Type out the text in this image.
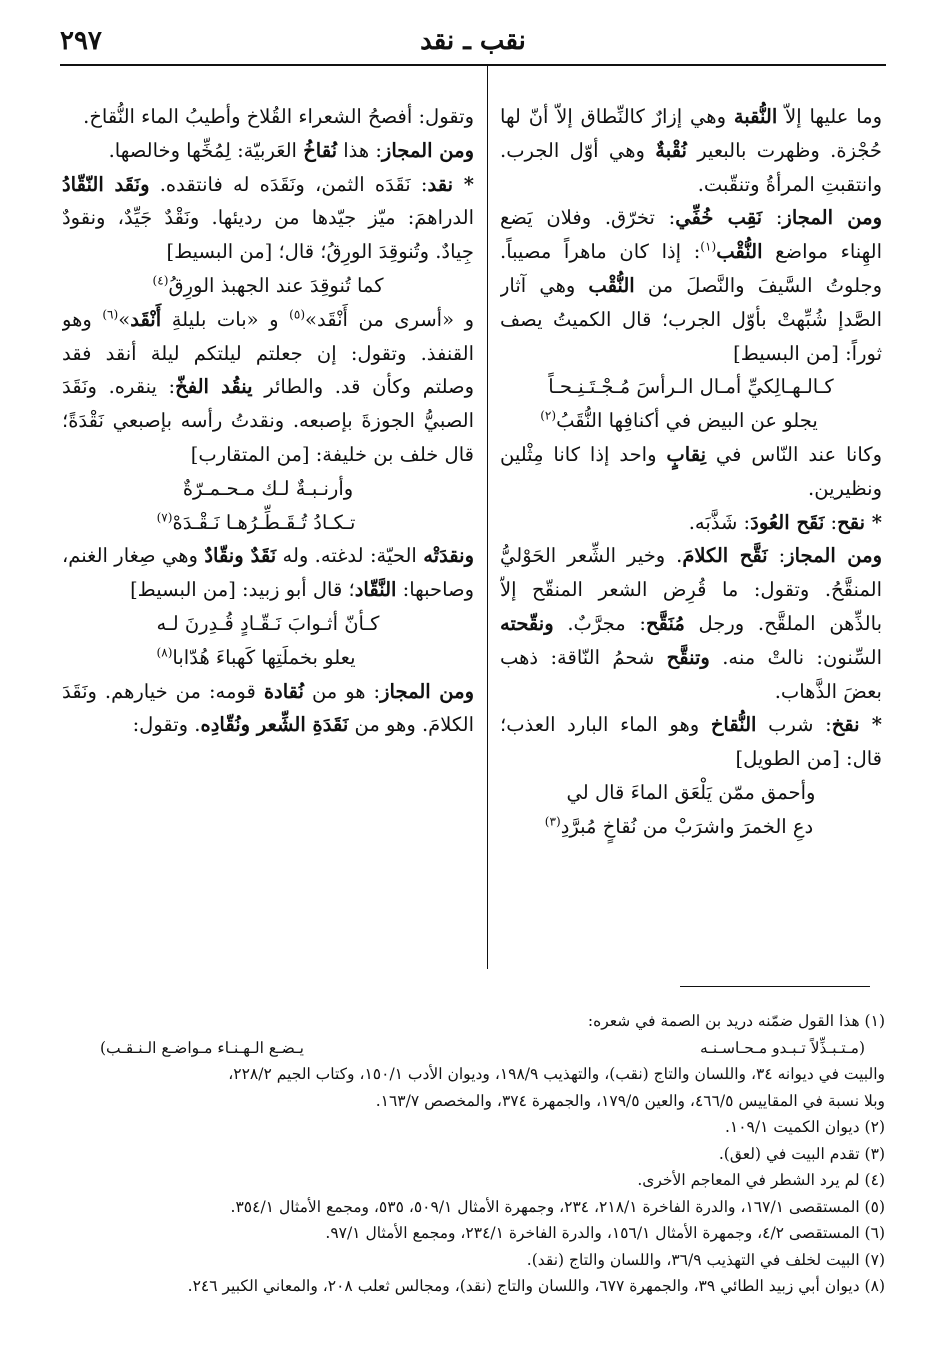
٢٩٧	نقب ـ نقد

وما عليها إلاّ النُّقبة وهي إزارٌ كالنِّطاق إلاّ أنّ لها حُجْزة. وظهرت بالبعير نُقْبةٌ وهي أوّل الجرب. وانتقبتِ المرأةُ وتنقّبت.

ومن المجاز: نَقِب خُفِّي: تخرّق. وفلان يَضع الهِناء مواضع النُّقْب$^{(١)}$: إذا كان ماهراً مصيباً. وجلوتُ السَّيفَ والنَّصلَ من النُّقْب وهي آثار الصَّدإ شُبِّهتْ بأوّل الجرب؛ قال الكميتُ يصف ثوراً: [من البسيط]

كـالـهـالِكيِّ أمـال الـرأسَ مُـجْـتَـنِـحـاً

يجلو عن البيض في أكنافِها النُّقَبُ$^{(٢)}$

وكانا عند النّاس في نِقابٍ واحد إذا كانا مِثْلين ونظيرين.

* نقح: نَقَح العُودَ: شَذَّبَه.

ومن المجاز: نَقَّح الكلامَ. وخير الشِّعر الحَوْليُّ المنقَّحُ. وتقول: ما قُرِض الشعر المنقّح إلاّ بالذِّهن الملقَّح. ورجل مُنَقَّح: مجرَّبٌ. ونقّحته السِّنون: نالتْ منه. وتنقَّح شحمُ النّاقة: ذهب بعضَ الذَّهاب.

* نقخ: شرب النُّقاخ وهو الماء البارد العذب؛ قال: [من الطويل]

وأحمق ممّن يَلْعَق الماءَ قال لي

دعِ الخمرَ واشرَبْ من نُقاخٍ مُبرَّدِ$^{(٣)}$

وتقول: أفصحُ الشعراء القُلاخ وأطيبُ الماء النُّقاخ.

ومن المجاز: هذا نُقاخُ العَربيّة: لِمُخِّها وخالصها.

* نقد: نَقَدَه الثمن، ونَقَدَه له فانتقده. ونَقَد النّقّادُ الدراهمَ: ميّز جيّدها من رديئها. ونَقْدٌ جَيِّدٌ، ونقودٌ جِيادٌ. وتُنوقِدَ الورِقُ؛ قال؛ [من البسيط]

كما تُنوقِدَ عند الجهبذ الورِقُ$^{(٤)}$

و «أسرى من أَنْقَد»$^{(٥)}$ و «بات بليلةِ أَنْقَد»$^{(٦)}$ وهو القنفذ. وتقول: إن جعلتم ليلتكم ليلة أنقد فقد وصلتم وكأن قد. والطائر ينقُد الفخّ: ينقره. ونَقَدَ الصبيُّ الجوزةَ بإصبعه. ونقدتُ رأسه بإصبعي نَقْدَةً؛ قال خلف بن خليفة: [من المتقارب]

وأرنـبـةٌ لـك مـحـمـرّةٌ

تـكـادُ تُـقَـطِّـرُهـا نَـقْـدَهْ$^{(٧)}$

ونقدَتْه الحيّة: لدغته. وله نَقَدٌ ونقّادٌ وهي صِغار الغنم، وصاحبها: النَّقّاد؛ قال أبو زبيد: [من البسيط]

كـأنّ أثـوابَ نَـقّـادٍ قُـدِرنَ لـه

يعلو بخملَتِها كَهباءَ هُدّابا$^{(٨)}$

ومن المجاز: هو من نُقادة قومه: من خيارهم. ونَقَدَ الكلامَ. وهو من نَقَدَةِ الشِّعر ونُقّادِه. وتقول:

(١) هذا القول ضمّنه دريد بن الصمة في شعره:

(مـتـبـذِّلاً تـبـدو مـحـاسـنـه
يـضـع الـهـنـاء مـواضـع الـنـقـب)

والبيت في ديوانه ٣٤، واللسان والتاج (نقب)، والتهذيب ١٩٨/٩، وديوان الأدب ١٥٠/١، وكتاب الجيم ٢٢٨/٢،

وبلا نسبة في المقاييس ٤٦٦/٥، والعين ١٧٩/٥، والجمهرة ٣٧٤، والمخصص ١٦٣/٧.

(٢) ديوان الكميت ١٠٩/١.

(٣) تقدم البيت في (لعق).

(٤) لم يرد الشطر في المعاجم الأخرى.

(٥) المستقصى ١٦٧/١، والدرة الفاخرة ٢١٨/١، ٢٣٤، وجمهرة الأمثال ٥٠٩/١، ٥٣٥، ومجمع الأمثال ٣٥٤/١.

(٦) المستقصى ٤/٢، وجمهرة الأمثال ١٥٦/١، والدرة الفاخرة ٢٣٤/١، ومجمع الأمثال ٩٧/١.

(٧) البيت لخلف في التهذيب ٣٦/٩، واللسان والتاج (نقد).

(٨) ديوان أبي زبيد الطائي ٣٩، والجمهرة ٦٧٧، واللسان والتاج (نقد)، ومجالس ثعلب ٢٠٨، والمعاني الكبير ٢٤٦.
